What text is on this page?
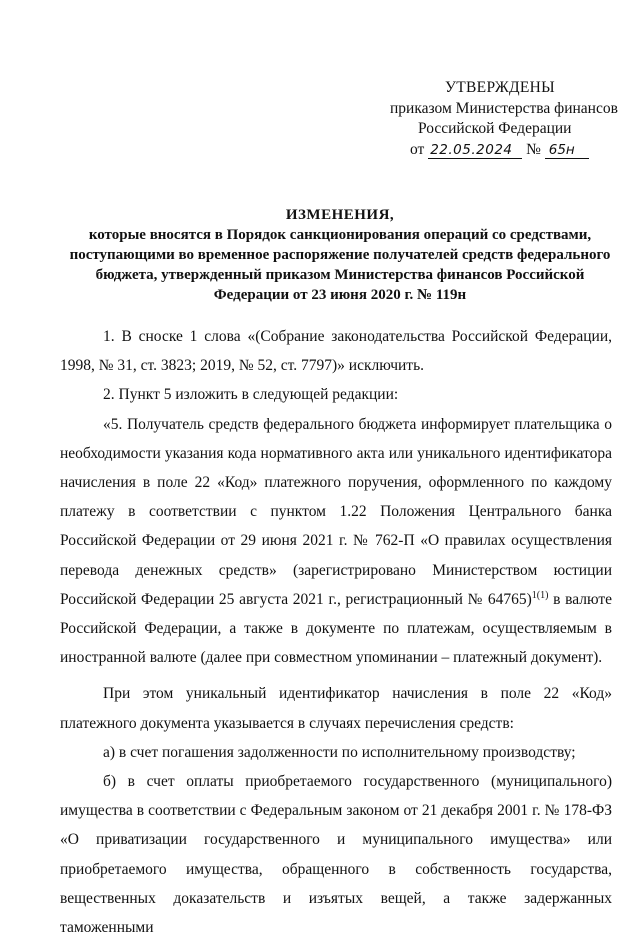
УТВЕРЖДЕНЫ
приказом Министерства финансов
Российской Федерации
от 22.05.2024 № 65н
ИЗМЕНЕНИЯ,
которые вносятся в Порядок санкционирования операций со средствами,
поступающими во временное распоряжение получателей средств федерального
бюджета, утвержденный приказом Министерства финансов Российской
Федерации от 23 июня 2020 г. № 119н

1. В сноске 1 слова «(Собрание законодательства Российской Федерации, 1998, № 31, ст. 3823; 2019, № 52, ст. 7797)» исключить.

2. Пункт 5 изложить в следующей редакции:

«5. Получатель средств федерального бюджета информирует плательщика о необходимости указания кода нормативного акта или уникального идентификатора начисления в поле 22 «Код» платежного поручения, оформленного по каждому платежу в соответствии с пунктом 1.22 Положения Центрального банка Российской Федерации от 29 июня 2021 г. № 762-П «О правилах осуществления перевода денежных средств» (зарегистрировано Министерством юстиции Российской Федерации 25 августа 2021 г., регистрационный № 64765)$^{1(1)}$ в валюте Российской Федерации, а также в документе по платежам, осуществляемым в иностранной валюте (далее при совместном упоминании – платежный документ).

При этом уникальный идентификатор начисления в поле 22 «Код» платежного документа указывается в случаях перечисления средств:

а) в счет погашения задолженности по исполнительному производству;

б) в счет оплаты приобретаемого государственного (муниципального) имущества в соответствии с Федеральным законом от 21 декабря 2001 г. № 178-ФЗ «О приватизации государственного и муниципального имущества» или приобретаемого имущества, обращенного в собственность государства, вещественных доказательств и изъятых вещей, а также задержанных таможенными
